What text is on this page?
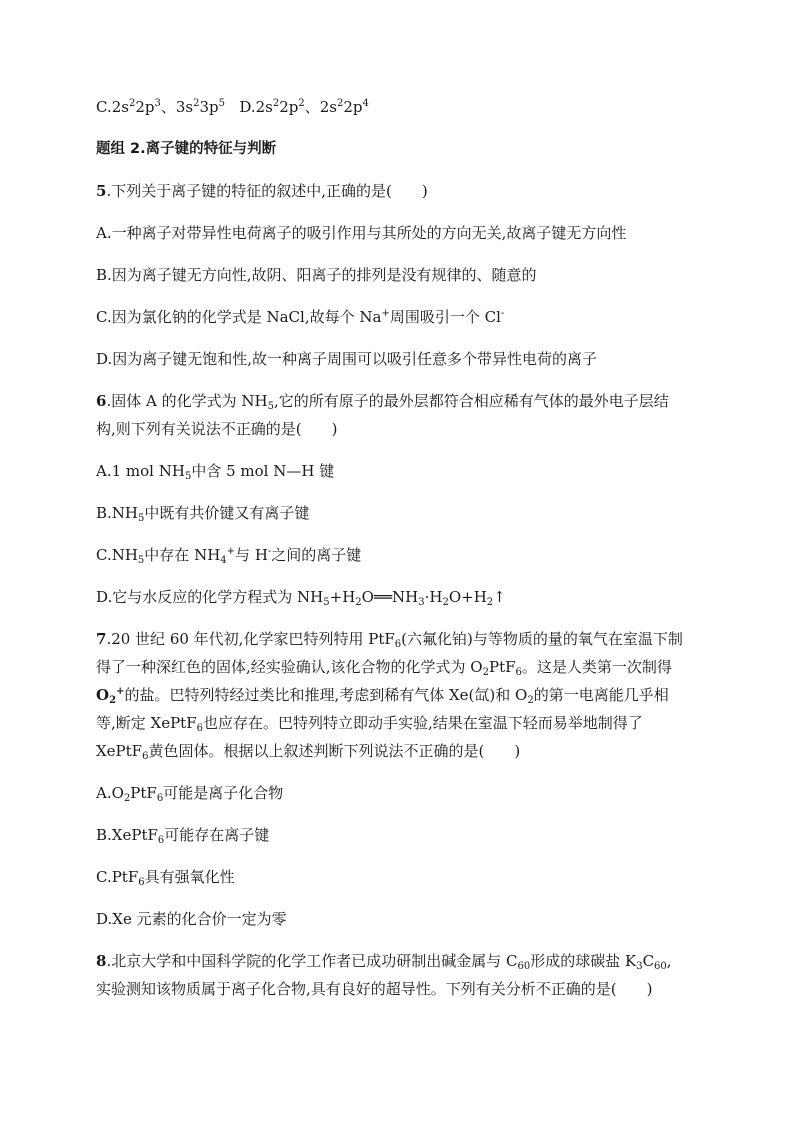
$C.2s^22p^3$、$3s^23p^5$ $D.2s^22p^2$、$2s^22p^4$

题组 2.离子键的特征与判断

5.下列关于离子键的特征的叙述中,正确的是(　　)

A.一种离子对带异性电荷离子的吸引作用与其所处的方向无关,故离子键无方向性

B.因为离子键无方向性,故阴、阳离子的排列是没有规律的、随意的

C.因为氯化钠的化学式是 NaCl,故每个 Na+周围吸引一个 Cl-

D.因为离子键无饱和性,故一种离子周围可以吸引任意多个带异性电荷的离子

6.固体 A 的化学式为 $NH_5$,它的所有原子的最外层都符合相应稀有气体的最外电子层结

构,则下列有关说法不正确的是(　　)

A.1 mol $NH_5$中含 5 mol N—H 键

$B.NH_5$中既有共价键又有离子键

$C.NH_5$中存在 $NH_4^+$与 H-之间的离子键

D.它与水反应的化学方程式为 $NH_5+H_2O══NH_3\cdot H_2O+H_2↑$

7.20 世纪 60 年代初,化学家巴特列特用 PtF$_6$(六氟化铂)与等物质的量的氧气在室温下制

得了一种深红色的固体,经实验确认,该化合物的化学式为 $O_2PtF_6$。这是人类第一次制得

$O_2^+$的盐。巴特列特经过类比和推理,考虑到稀有气体 Xe(氙)和 $O_2$的第一电离能几乎相

等,断定 XePtF$_6$也应存在。巴特列特立即动手实验,结果在室温下轻而易举地制得了

XePtF$_6$黄色固体。根据以上叙述判断下列说法不正确的是(　　)

$A.O_2PtF_6$可能是离子化合物

B.XePtF$_6$可能存在离子键

C.PtF$_6$具有强氧化性

D.Xe 元素的化合价一定为零

8.北京大学和中国科学院的化学工作者已成功研制出碱金属与 $C_{60}$形成的球碳盐 $K_3C_{60}$,

实验测知该物质属于离子化合物,具有良好的超导性。下列有关分析不正确的是(　　)
